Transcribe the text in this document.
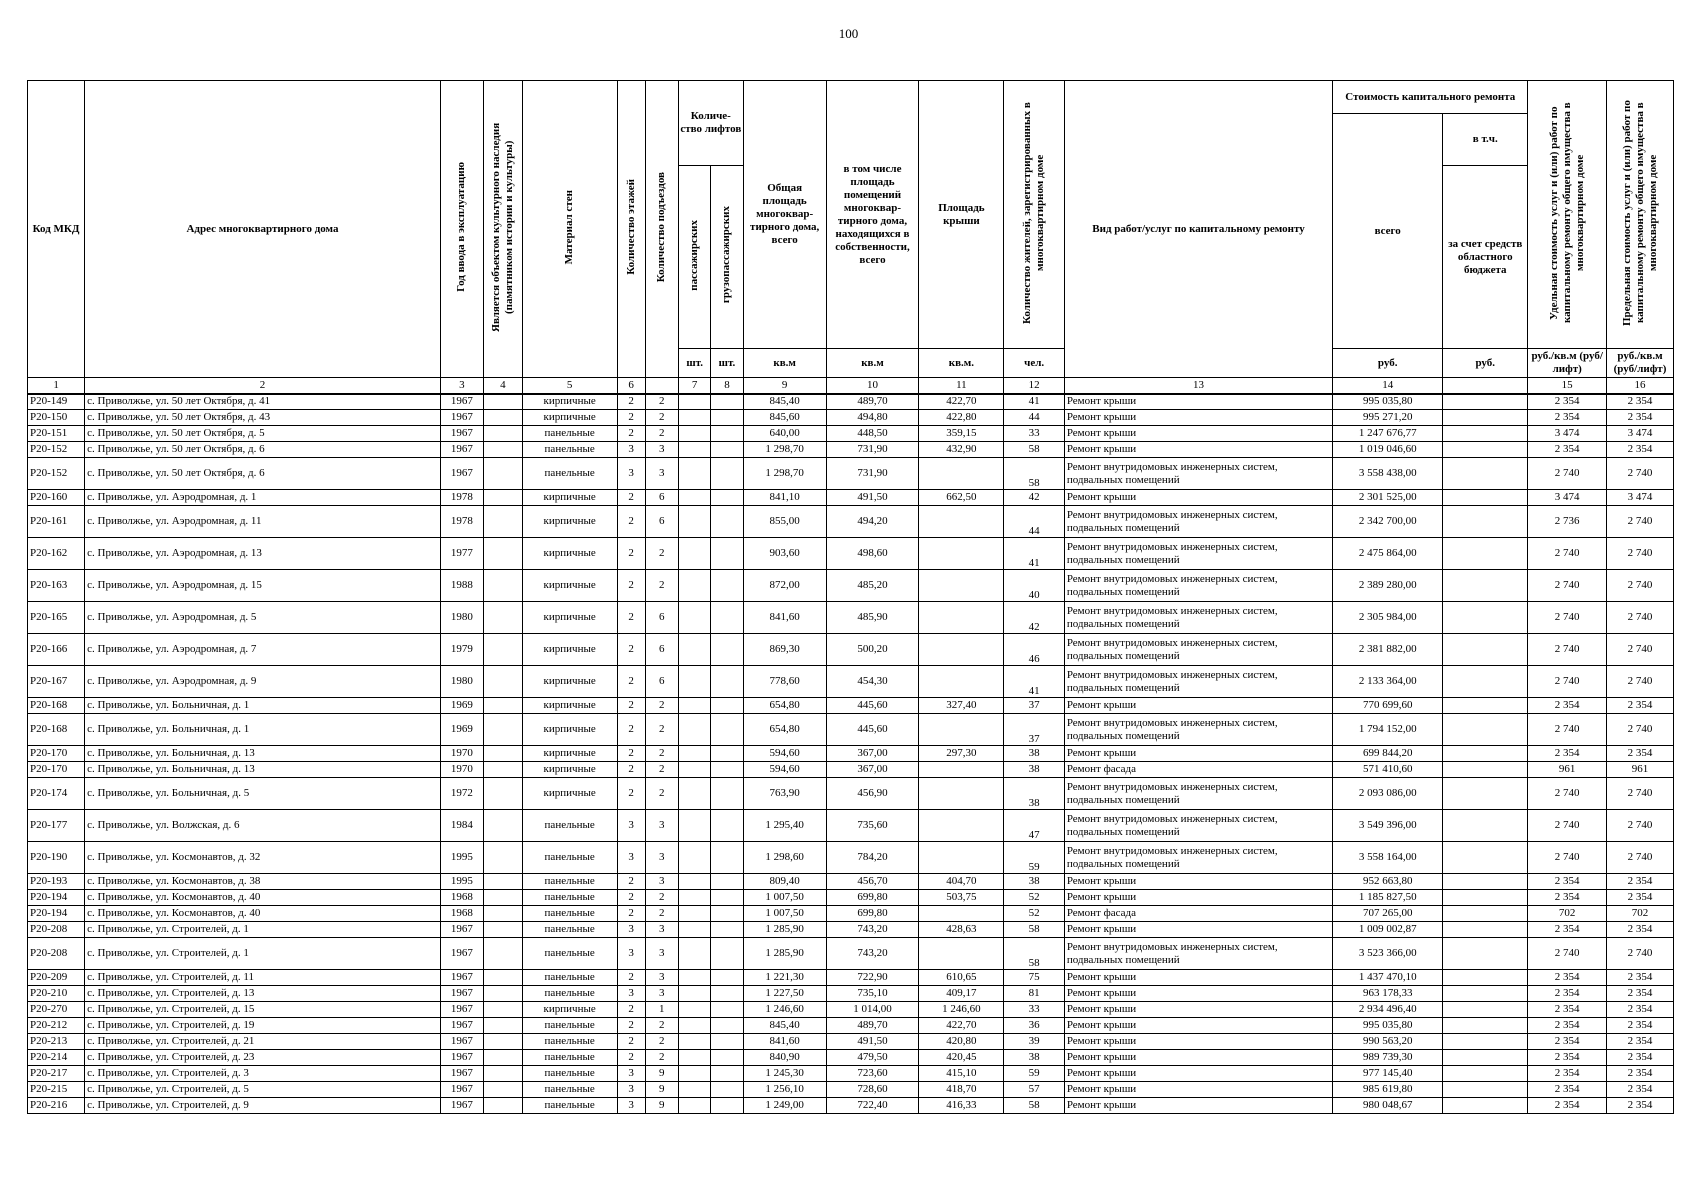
100
Код МКД	Адрес многоквартирного дома	Год ввода в эксплуатацию	Является объектом культурного наследия (памятником истории и культуры)	Материал стен	Количество этажей	Количество подъездов	Количе-ство лифтов		Общая площадь многоквар-тирного дома, всего	в том числе площадь помещений многоквар-тирного дома, находящихся в собственности, всего	Площадь крыши	Количество жителей, зарегистрированных в многоквартирном доме	Вид работ/услуг по капитальному ремонту	Стоимость капитального ремонта		Удельная стоимость услуг и (или) работ по капитальному ремонту общего имущества в многоквартирном доме	Предельная стоимость услуг и (или) работ по капитальному ремонту общего имущества в многоквартирном доме
														всего	в т.ч.		
							пассажирских	грузопассажирских							за счет средств областного бюджета		
							шт.	шт.	кв.м	кв.м	кв.м.	чел.		руб.	руб.	руб./кв.м (руб/лифт)	руб./кв.м (руб/лифт)
1	2	3	4	5	6		7	8	9	10	11	12	13	14		15	16
P20-149	с. Приволжье, ул. 50 лет Октября, д. 41	1967		кирпичные	2	2			845,40	489,70	422,70	41	Ремонт крыши	995 035,80		2 354	2 354
P20-150	с. Приволжье, ул. 50 лет Октября, д. 43	1967		кирпичные	2	2			845,60	494,80	422,80	44	Ремонт крыши	995 271,20		2 354	2 354
P20-151	с. Приволжье, ул. 50 лет Октября, д. 5	1967		панельные	2	2			640,00	448,50	359,15	33	Ремонт крыши	1 247 676,77		3 474	3 474
P20-152	с. Приволжье, ул. 50 лет Октября, д. 6	1967		панельные	3	3			1 298,70	731,90	432,90	58	Ремонт крыши	1 019 046,60		2 354	2 354
P20-152	с. Приволжье, ул. 50 лет Октября, д. 6	1967		панельные	3	3			1 298,70	731,90		58	Ремонт внутридомовых инженерных систем, подвальных помещений	3 558 438,00		2 740	2 740
P20-160	с. Приволжье, ул. Аэродромная, д. 1	1978		кирпичные	2	6			841,10	491,50	662,50	42	Ремонт крыши	2 301 525,00		3 474	3 474
P20-161	с. Приволжье, ул. Аэродромная, д. 11	1978		кирпичные	2	6			855,00	494,20		44	Ремонт внутридомовых инженерных систем, подвальных помещений	2 342 700,00		2 736	2 740
P20-162	с. Приволжье, ул. Аэродромная, д. 13	1977		кирпичные	2	2			903,60	498,60		41	Ремонт внутридомовых инженерных систем, подвальных помещений	2 475 864,00		2 740	2 740
P20-163	с. Приволжье, ул. Аэродромная, д. 15	1988		кирпичные	2	2			872,00	485,20		40	Ремонт внутридомовых инженерных систем, подвальных помещений	2 389 280,00		2 740	2 740
P20-165	с. Приволжье, ул. Аэродромная, д. 5	1980		кирпичные	2	6			841,60	485,90		42	Ремонт внутридомовых инженерных систем, подвальных помещений	2 305 984,00		2 740	2 740
P20-166	с. Приволжье, ул. Аэродромная, д. 7	1979		кирпичные	2	6			869,30	500,20		46	Ремонт внутридомовых инженерных систем, подвальных помещений	2 381 882,00		2 740	2 740
P20-167	с. Приволжье, ул. Аэродромная, д. 9	1980		кирпичные	2	6			778,60	454,30		41	Ремонт внутридомовых инженерных систем, подвальных помещений	2 133 364,00		2 740	2 740
P20-168	с. Приволжье, ул. Больничная, д. 1	1969		кирпичные	2	2			654,80	445,60	327,40	37	Ремонт крыши	770 699,60		2 354	2 354
P20-168	с. Приволжье, ул. Больничная, д. 1	1969		кирпичные	2	2			654,80	445,60		37	Ремонт внутридомовых инженерных систем, подвальных помещений	1 794 152,00		2 740	2 740
P20-170	с. Приволжье, ул. Больничная, д. 13	1970		кирпичные	2	2			594,60	367,00	297,30	38	Ремонт крыши	699 844,20		2 354	2 354
P20-170	с. Приволжье, ул. Больничная, д. 13	1970		кирпичные	2	2			594,60	367,00		38	Ремонт фасада	571 410,60		961	961
P20-174	с. Приволжье, ул. Больничная, д. 5	1972		кирпичные	2	2			763,90	456,90		38	Ремонт внутридомовых инженерных систем, подвальных помещений	2 093 086,00		2 740	2 740
P20-177	с. Приволжье, ул. Волжская, д. 6	1984		панельные	3	3			1 295,40	735,60		47	Ремонт внутридомовых инженерных систем, подвальных помещений	3 549 396,00		2 740	2 740
P20-190	с. Приволжье, ул. Космонавтов, д. 32	1995		панельные	3	3			1 298,60	784,20		59	Ремонт внутридомовых инженерных систем, подвальных помещений	3 558 164,00		2 740	2 740
P20-193	с. Приволжье, ул. Космонавтов, д. 38	1995		панельные	2	3			809,40	456,70	404,70	38	Ремонт крыши	952 663,80		2 354	2 354
P20-194	с. Приволжье, ул. Космонавтов, д. 40	1968		панельные	2	2			1 007,50	699,80	503,75	52	Ремонт крыши	1 185 827,50		2 354	2 354
P20-194	с. Приволжье, ул. Космонавтов, д. 40	1968		панельные	2	2			1 007,50	699,80		52	Ремонт фасада	707 265,00		702	702
P20-208	с. Приволжье, ул. Строителей, д. 1	1967		панельные	3	3			1 285,90	743,20	428,63	58	Ремонт крыши	1 009 002,87		2 354	2 354
P20-208	с. Приволжье, ул. Строителей, д. 1	1967		панельные	3	3			1 285,90	743,20		58	Ремонт внутридомовых инженерных систем, подвальных помещений	3 523 366,00		2 740	2 740
P20-209	с. Приволжье, ул. Строителей, д. 11	1967		панельные	2	3			1 221,30	722,90	610,65	75	Ремонт крыши	1 437 470,10		2 354	2 354
P20-210	с. Приволжье, ул. Строителей, д. 13	1967		панельные	3	3			1 227,50	735,10	409,17	81	Ремонт крыши	963 178,33		2 354	2 354
P20-270	с. Приволжье, ул. Строителей, д. 15	1967		кирпичные	2	1			1 246,60	1 014,00	1 246,60	33	Ремонт крыши	2 934 496,40		2 354	2 354
P20-212	с. Приволжье, ул. Строителей, д. 19	1967		панельные	2	2			845,40	489,70	422,70	36	Ремонт крыши	995 035,80		2 354	2 354
P20-213	с. Приволжье, ул. Строителей, д. 21	1967		панельные	2	2			841,60	491,50	420,80	39	Ремонт крыши	990 563,20		2 354	2 354
P20-214	с. Приволжье, ул. Строителей, д. 23	1967		панельные	2	2			840,90	479,50	420,45	38	Ремонт крыши	989 739,30		2 354	2 354
P20-217	с. Приволжье, ул. Строителей, д. 3	1967		панельные	3	9			1 245,30	723,60	415,10	59	Ремонт крыши	977 145,40		2 354	2 354
P20-215	с. Приволжье, ул. Строителей, д. 5	1967		панельные	3	9			1 256,10	728,60	418,70	57	Ремонт крыши	985 619,80		2 354	2 354
P20-216	с. Приволжье, ул. Строителей, д. 9	1967		панельные	3	9			1 249,00	722,40	416,33	58	Ремонт крыши	980 048,67		2 354	2 354
